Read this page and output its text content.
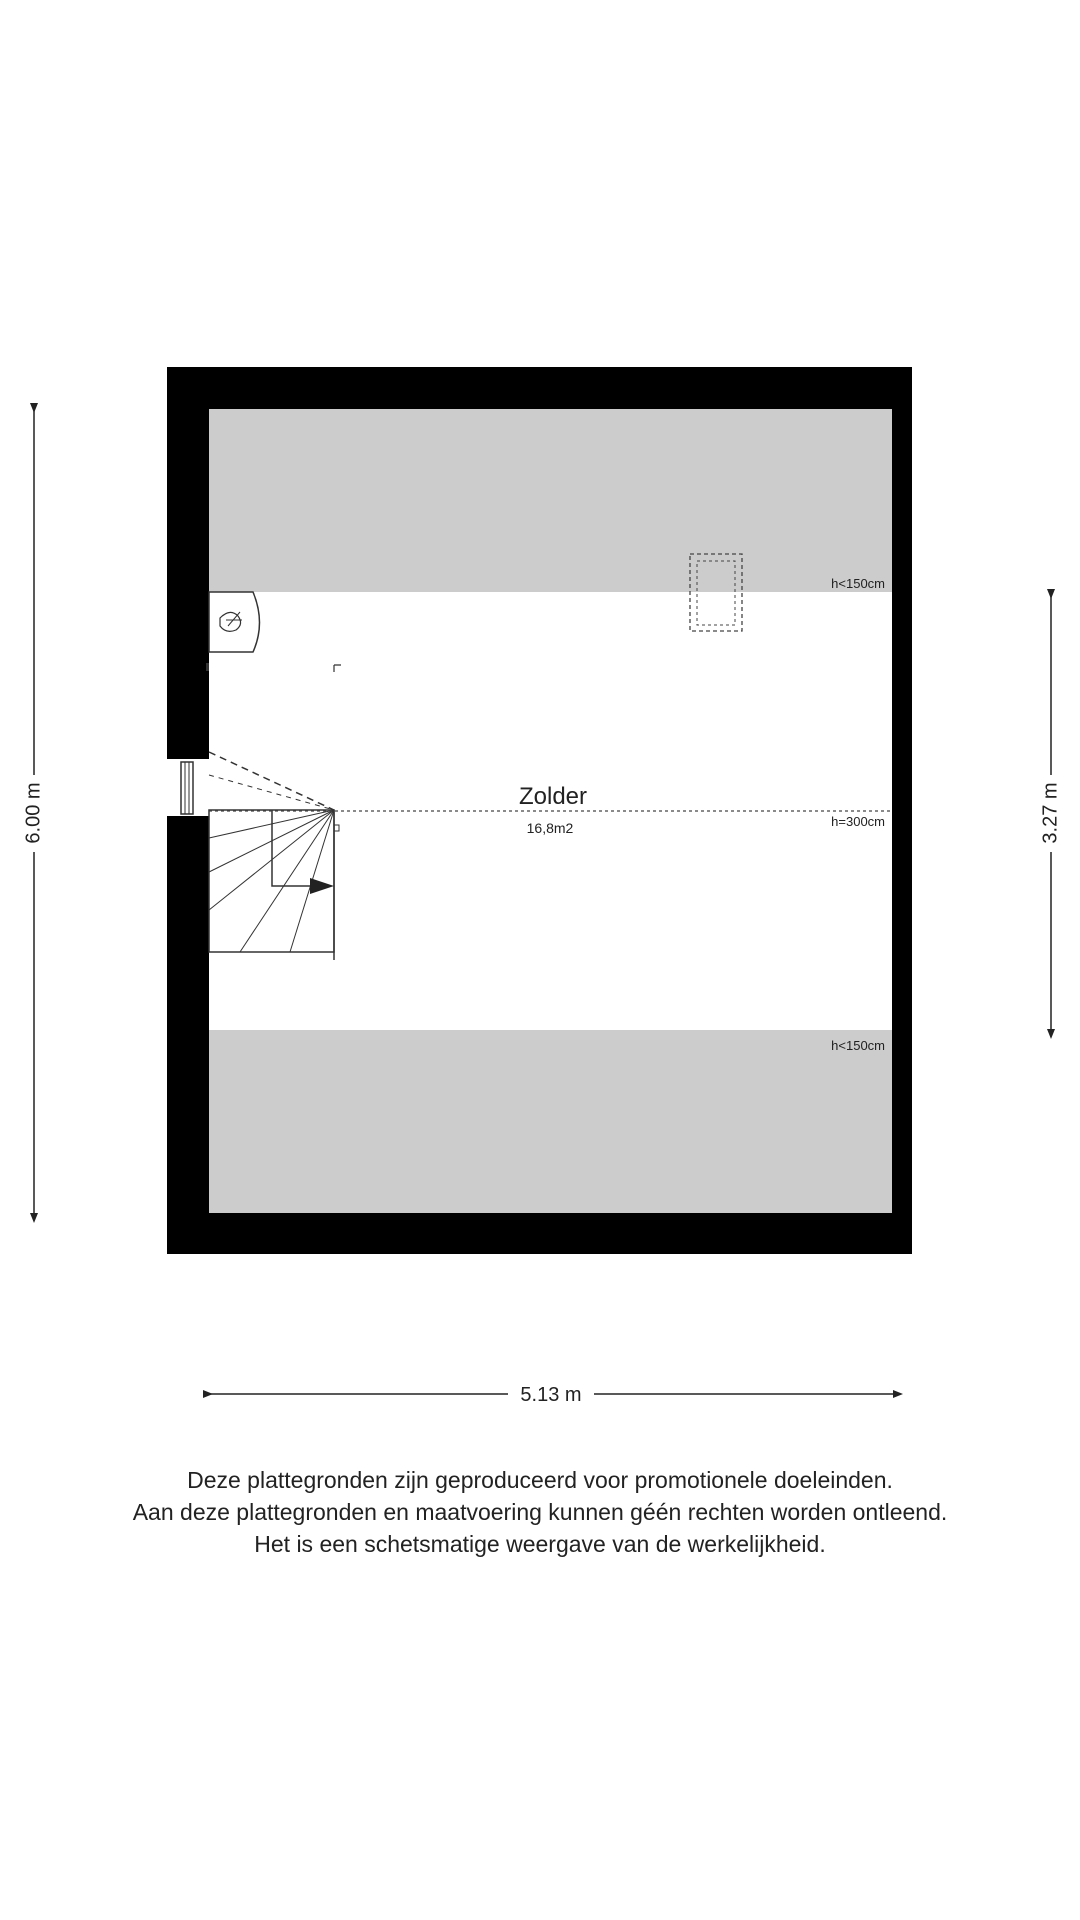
Zolder
16,8m2
h<150cm
h=300cm
h<150cm
6.00 m	3.27 m
5.13 m
Deze plattegronden zijn geproduceerd voor promotionele doeleinden.
Aan deze plattegronden en maatvoering kunnen géén rechten worden ontleend.
Het is een schetsmatige weergave van de werkelijkheid.
